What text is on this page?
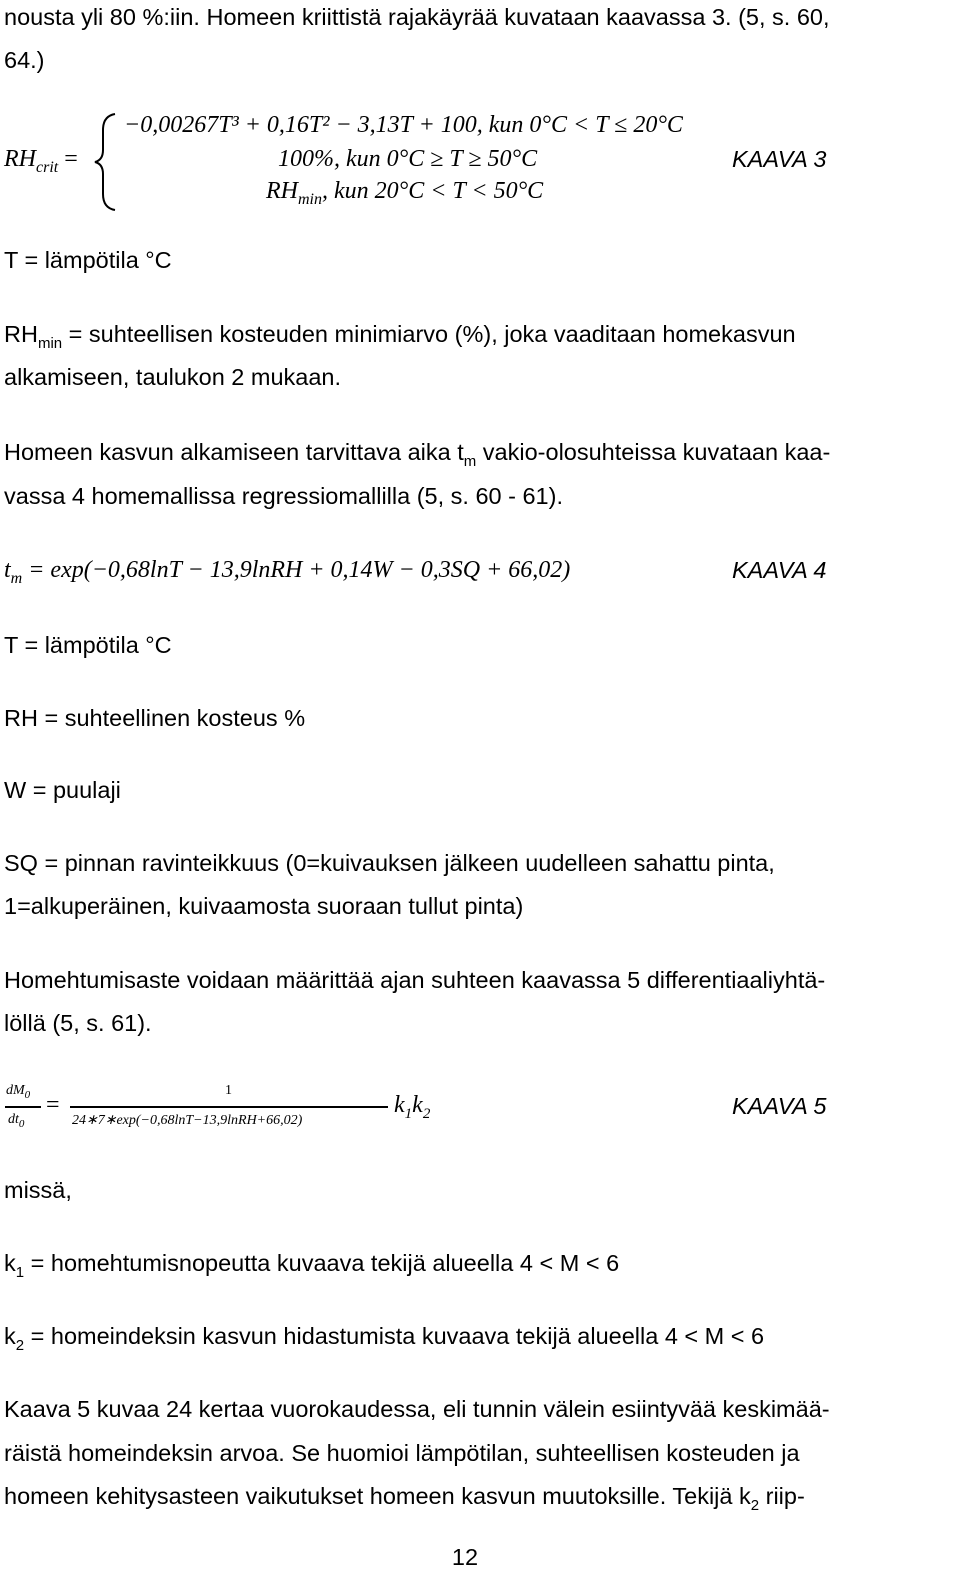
nousta yli 80 %:iin. Homeen kriittistä rajakäyrää kuvataan kaavassa 3. (5, s. 60,

64.)

$RH_{crit}$ =
−0,00267T³ + 0,16T² − 3,13T + 100, kun 0°C < T ≤ 20°C
100%, kun 0°C ≥ T ≥ 50°C
$RH_{min}$, kun 20°C < T < 50°C
KAAVA 3

T = lämpötila °C

$RH_{min}$ = suhteellisen kosteuden minimiarvo (%), joka vaaditaan homekasvun

alkamiseen, taulukon 2 mukaan.

Homeen kasvun alkamiseen tarvittava aika $t_m$ vakio-olosuhteissa kuvataan kaa-

vassa 4 homemallissa regressiomallilla (5, s. 60 - 61).

$t_m = \exp(-0,68\ln T$ − 13,9lnRH + 0,14W − 0,3SQ + 66,02)	KAAVA 4

T = lämpötila °C

RH = suhteellinen kosteus %

W = puulaji

SQ = pinnan ravinteikkuus (0=kuivauksen jälkeen uudelleen sahattu pinta,

1=alkuperäinen, kuivaamosta suoraan tullut pinta)

Homehtumisaste voidaan määrittää ajan suhteen kaavassa 5 differentiaaliyhtä-

löllä (5, s. 61).

$dM_0$
$dt_0$
=
1
24∗7∗exp(−0,68lnT−13,9lnRH+66,02)
$k_1k_2$	KAAVA 5

missä,

$k_1$ = homehtumisnopeutta kuvaava tekijä alueella 4 < M < 6

$k_2$ = homeindeksin kasvun hidastumista kuvaava tekijä alueella 4 < M < 6

Kaava 5 kuvaa 24 kertaa vuorokaudessa, eli tunnin välein esiintyvää keskimää-

räistä homeindeksin arvoa. Se huomioi lämpötilan, suhteellisen kosteuden ja

homeen kehitysasteen vaikutukset homeen kasvun muutoksille. Tekijä $k_2$ riip-

12
